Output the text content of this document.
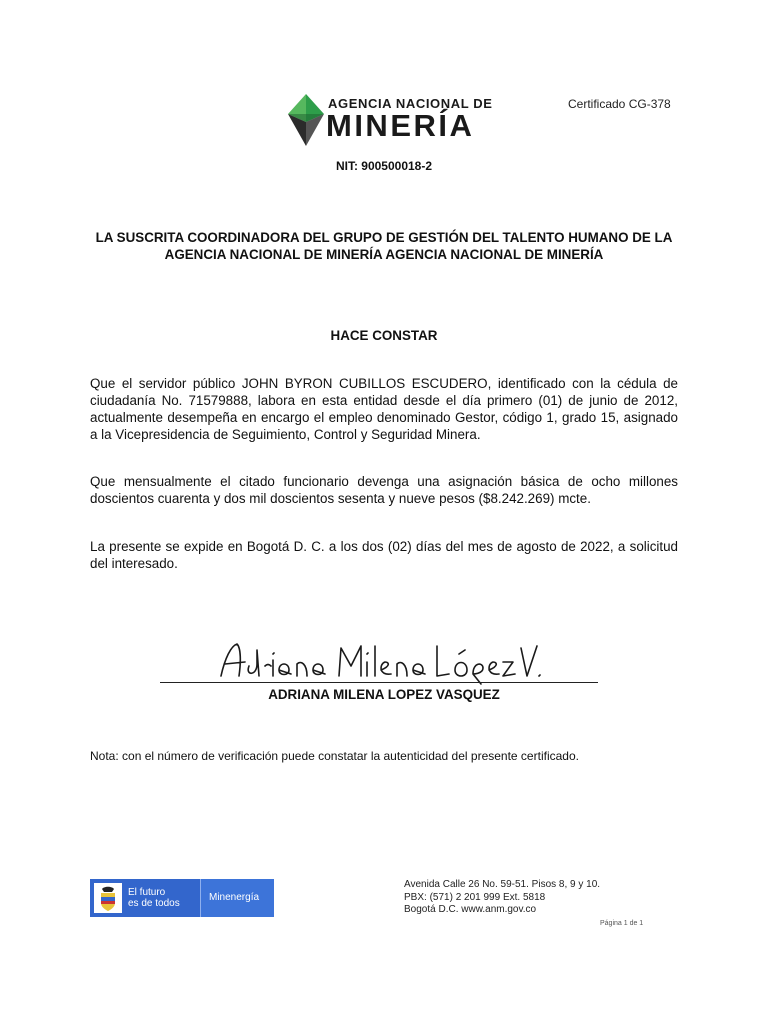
AGENCIA NACIONAL DE
MINERÍA
Certificado CG-378
NIT: 900500018-2
LA SUSCRITA COORDINADORA DEL GRUPO DE GESTIÓN DEL TALENTO HUMANO DE LA AGENCIA NACIONAL DE MINERÍA AGENCIA NACIONAL DE MINERÍA
HACE CONSTAR
Que el servidor público JOHN BYRON CUBILLOS ESCUDERO, identificado con la cédula de ciudadanía No. 71579888, labora en esta entidad desde el día primero (01) de junio de 2012, actualmente desempeña en encargo el empleo denominado Gestor, código 1, grado 15, asignado a la Vicepresidencia de Seguimiento, Control y Seguridad Minera.
Que mensualmente el citado funcionario devenga una asignación básica de ocho millones doscientos cuarenta y dos mil doscientos sesenta y nueve pesos ($8.242.269) mcte.
La presente se expide en Bogotá D. C. a los dos (02) días del mes de agosto de 2022, a solicitud del interesado.
ADRIANA MILENA LOPEZ VASQUEZ
Nota: con el número de verificación puede constatar la autenticidad del presente certificado.
El futuro
es de todos
Minenergía
Avenida Calle 26 No. 59-51. Pisos 8, 9 y 10.
PBX: (571) 2 201 999 Ext. 5818
Bogotá D.C. www.anm.gov.co
Página 1 de 1
